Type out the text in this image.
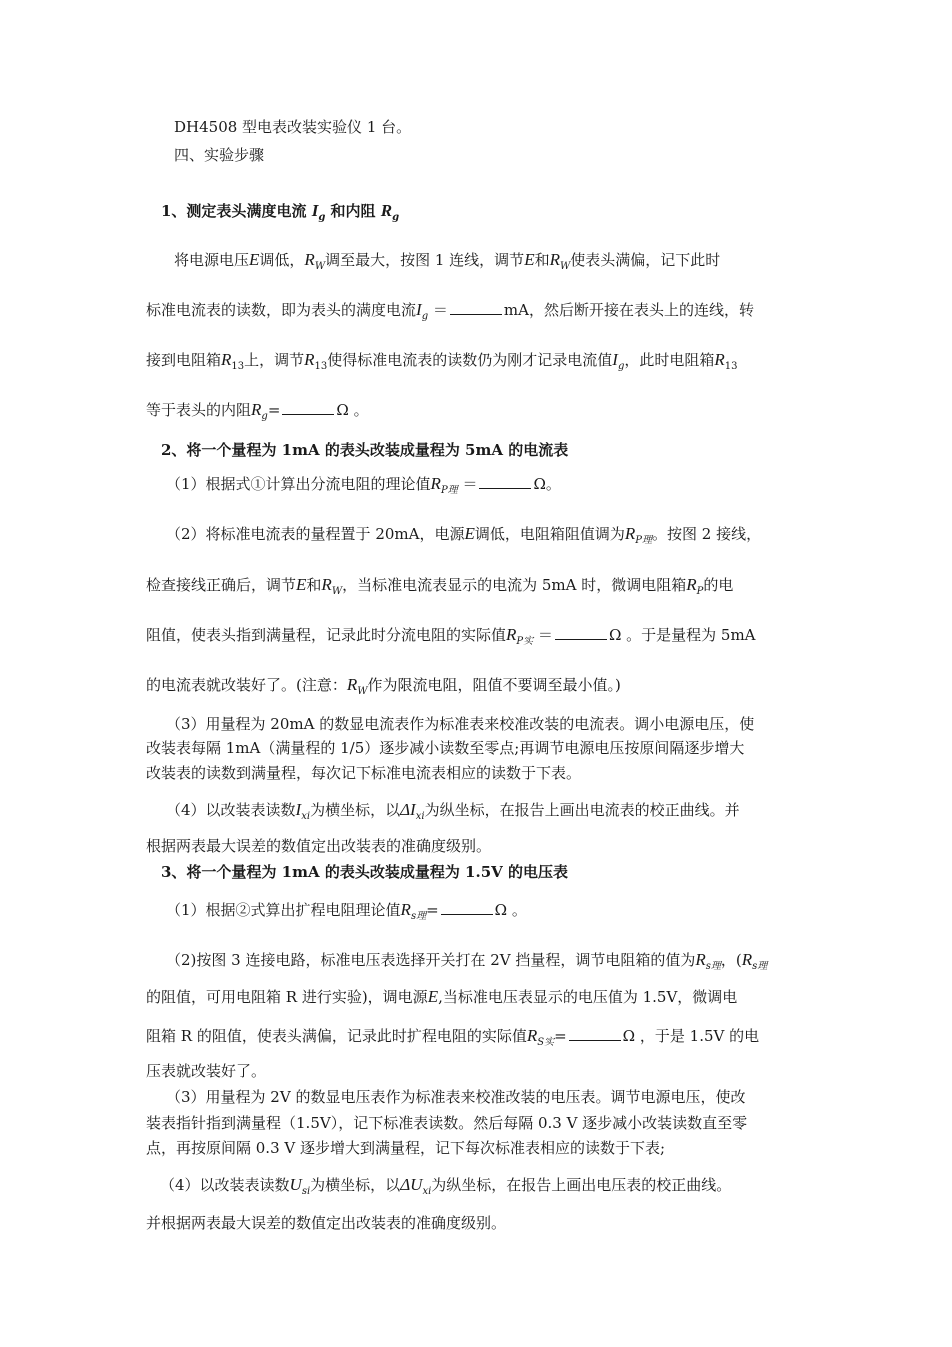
DH4508 型电表改装实验仪 1 台。
四、实验步骤
1、测定表头满度电流 $I_g$ 和内阻 $R_g$
将电源电压E调低，$R_W$调至最大，按图 1 连线，调节E和$R_W$使表头满偏，记下此时
标准电流表的读数，即为表头的满度电流$I_g$ ＝	mA，然后断开接在表头上的连线，转
接到电阻箱$R_{13}$上，调节$R_{13}$使得标准电流表的读数仍为刚才记录电流值$I_g$，此时电阻箱$R_{13}$
等于表头的内阻$R_g=$	Ω 。
2、将一个量程为 1mA 的表头改装成量程为 5mA 的电流表
（1）根据式①计算出分流电阻的理论值$R_{P理}$ ＝	Ω。
（2）将标准电流表的量程置于 20mA，电源E调低，电阻箱阻值调为$R_{P理}$。按图 2 接线，
检查接线正确后，调节E和$R_W$，当标准电流表显示的电流为 5mA 时，微调电阻箱$R_P$的电
阻值，使表头指到满量程，记录此时分流电阻的实际值$R_{P实}$ ＝	Ω 。于是量程为 5mA
的电流表就改装好了。(注意：$R_W$作为限流电阻，阻值不要调至最小值。)
（3）用量程为 20mA 的数显电流表作为标准表来校准改装的电流表。调小电源电压，使
改装表每隔 1mA（满量程的 1/5）逐步减小读数至零点;再调节电源电压按原间隔逐步增大
改装表的读数到满量程，每次记下标准电流表相应的读数于下表。
（4）以改装表读数$I_{xi}$为横坐标，以$\Delta I_{xi}$为纵坐标，在报告上画出电流表的校正曲线。并
根据两表最大误差的数值定出改装表的准确度级别。
3、将一个量程为 1mA 的表头改装成量程为 1.5V 的电压表
（1）根据②式算出扩程电阻理论值$R_{s理}=$	Ω 。
（2)按图 3 连接电路，标准电压表选择开关打在 2V 挡量程，调节电阻箱的值为$R_{s理}$，($R_{s理}$
的阻值，可用电阻箱 R 进行实验)，调电源E,当标准电压表显示的电压值为 1.5V，微调电
阻箱 R 的阻值，使表头满偏，记录此时扩程电阻的实际值$R_{S实}=$	Ω ，于是 1.5V 的电
压表就改装好了。
（3）用量程为 2V 的数显电压表作为标准表来校准改装的电压表。调节电源电压，使改
装表指针指到满量程（1.5V），记下标准表读数。然后每隔 0.3 V 逐步减小改装读数直至零
点，再按原间隔 0.3 V 逐步增大到满量程，记下每次标准表相应的读数于下表;
（4）以改装表读数$U_{si}$为横坐标，以$\Delta U_{xi}$为纵坐标，在报告上画出电压表的校正曲线。
并根据两表最大误差的数值定出改装表的准确度级别。
